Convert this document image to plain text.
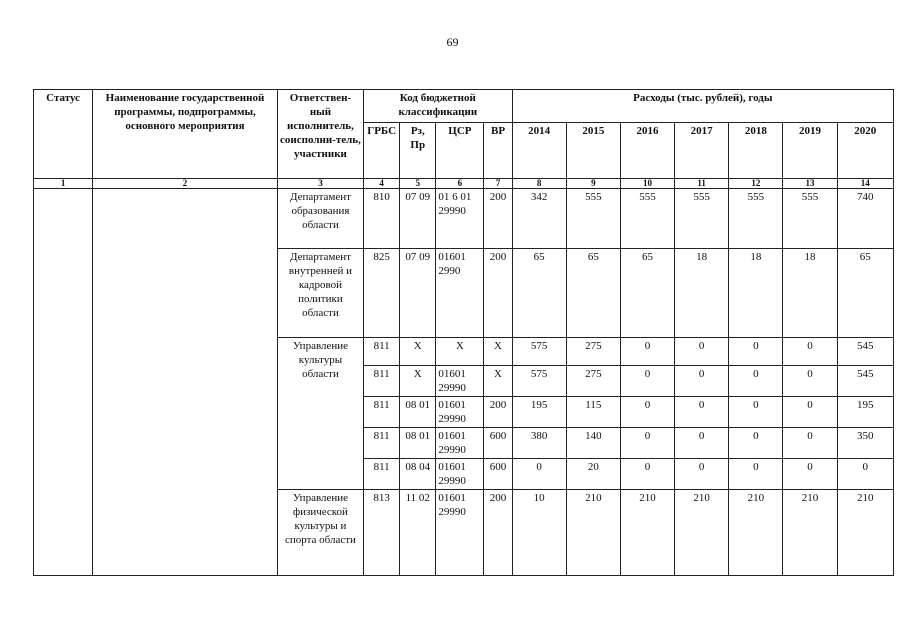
69
Статус	Наименование государственной программы, подпрограммы, основного мероприятия	Ответствен-ный исполнитель, соисполни-тель, участники	Код бюджетной классификации				Расходы (тыс. рублей), годы						
			ГРБС	Рз, Пр	ЦСР	ВР	2014	2015	2016	2017	2018	2019	2020
1	2	3	4	5	6	7	8	9	10	11	12	13	14
		Департамент образования области	810	07 09	01 6 01 29990	200	342	555	555	555	555	555	740
		Департамент внутренней и кадровой политики области	825	07 09	01601 2990	200	65	65	65	18	18	18	65
		Управление культуры области	811	Х	Х	Х	575	275	0	0	0	0	545
			811	Х	01601 29990	Х	575	275	0	0	0	0	545
			811	08 01	01601 29990	200	195	115	0	0	0	0	195
			811	08 01	01601 29990	600	380	140	0	0	0	0	350
			811	08 04	01601 29990	600	0	20	0	0	0	0	0
		Управление физической культуры и спорта области	813	11 02	01601 29990	200	10	210	210	210	210	210	210
